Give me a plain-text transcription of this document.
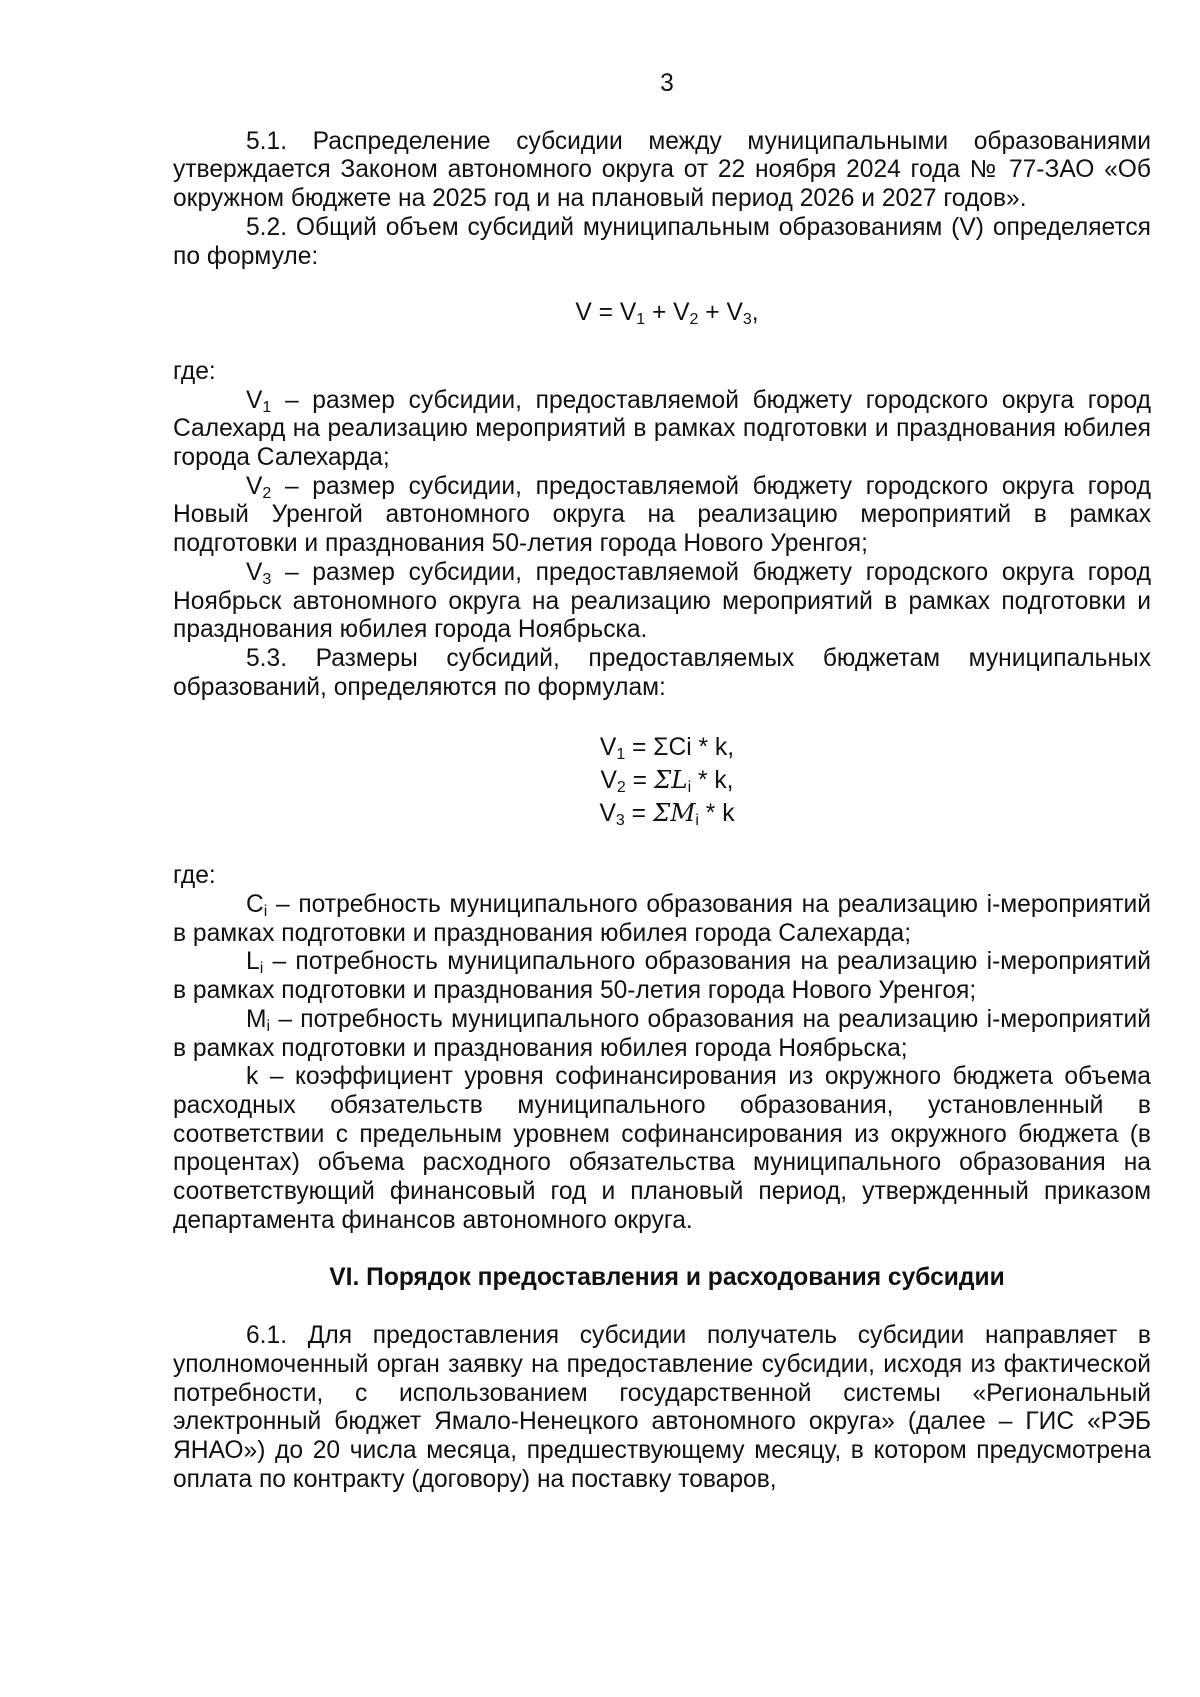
3

5.1. Распределение субсидии между муниципальными образованиями утверждается Законом автономного округа от 22 ноября 2024 года № 77-ЗАО «Об окружном бюджете на 2025 год и на плановый период 2026 и 2027 годов».

5.2. Общий объем субсидий муниципальным образованиям (V) определяется по формуле:

$V = V_1 + V_2 + V_3$,

где:

$V_1$ – размер субсидии, предоставляемой бюджету городского округа город Салехард на реализацию мероприятий в рамках подготовки и празднования юбилея города Салехарда;

$V_2$ – размер субсидии, предоставляемой бюджету городского округа город Новый Уренгой автономного округа на реализацию мероприятий в рамках подготовки и празднования 50-летия города Нового Уренгоя;

$V_3$ – размер субсидии, предоставляемой бюджету городского округа город Ноябрьск автономного округа на реализацию мероприятий в рамках подготовки и празднования юбилея города Ноябрьска.

5.3. Размеры субсидий, предоставляемых бюджетам муниципальных образований, определяются по формулам:

$V_1 = \Sigma Ci * k$,
$V_2 = \Sigma L_i * k$,
$V_3 = \Sigma M_i * k$

где:

$C_i$ – потребность муниципального образования на реализацию i-мероприятий в рамках подготовки и празднования юбилея города Салехарда;

$L_i$ – потребность муниципального образования на реализацию i-мероприятий в рамках подготовки и празднования 50-летия города Нового Уренгоя;

$M_i$ – потребность муниципального образования на реализацию i-мероприятий в рамках подготовки и празднования юбилея города Ноябрьска;

k – коэффициент уровня софинансирования из окружного бюджета объема расходных обязательств муниципального образования, установленный в соответствии с предельным уровнем софинансирования из окружного бюджета (в процентах) объема расходного обязательства муниципального образования на соответствующий финансовый год и плановый период, утвержденный приказом департамента финансов автономного округа.

VI. Порядок предоставления и расходования субсидии

6.1. Для предоставления субсидии получатель субсидии направляет в уполномоченный орган заявку на предоставление субсидии, исходя из фактической потребности, с использованием государственной системы «Региональный электронный бюджет Ямало-Ненецкого автономного округа» (далее – ГИС «РЭБ ЯНАО») до 20 числа месяца, предшествующему месяцу, в котором предусмотрена оплата по контракту (договору) на поставку товаров,
